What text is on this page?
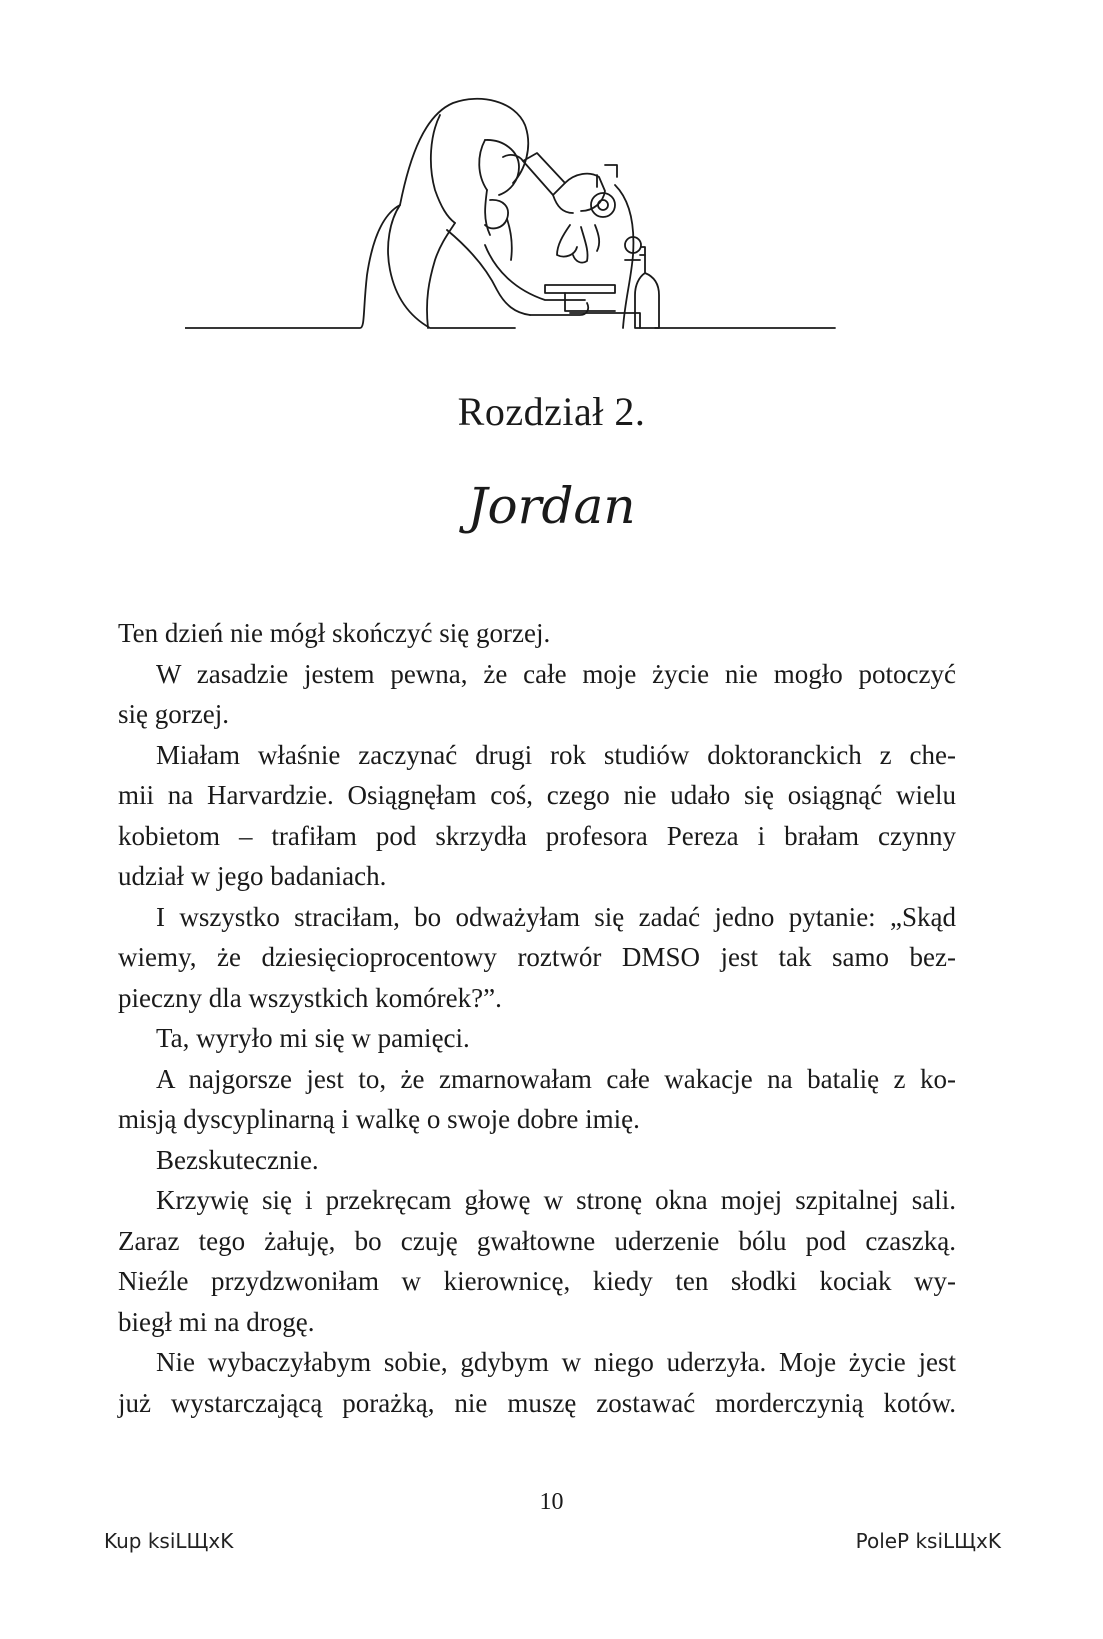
Rozdział 2.
Jordan
Ten dzień nie mógł skończyć się gorzej.
W zasadzie jestem pewna, że całe moje życie nie mogło potoczyć
się gorzej.
Miałam właśnie zaczynać drugi rok studiów doktoranckich z che-
mii na Harvardzie. Osiągnęłam coś, czego nie udało się osiągnąć wielu
kobietom – trafiłam pod skrzydła profesora Pereza i brałam czynny
udział w jego badaniach.
I wszystko straciłam, bo odważyłam się zadać jedno pytanie: „Skąd
wiemy, że dziesięcioprocentowy roztwór DMSO jest tak samo bez-
pieczny dla wszystkich komórek?”.
Ta, wyryło mi się w pamięci.
A najgorsze jest to, że zmarnowałam całe wakacje na batalię z ko-
misją dyscyplinarną i walkę o swoje dobre imię.
Bezskutecznie.
Krzywię się i przekręcam głowę w stronę okna mojej szpitalnej sali.
Zaraz tego żałuję, bo czuję gwałtowne uderzenie bólu pod czaszką.
Nieźle przydzwoniłam w kierownicę, kiedy ten słodki kociak wy-
biegł mi na drogę.
Nie wybaczyłabym sobie, gdybym w niego uderzyła. Moje życie jest
już wystarczającą porażką, nie muszę zostawać morderczynią kotów.
10
Kup ksiLЩxK	PoleP ksiLЩxK
